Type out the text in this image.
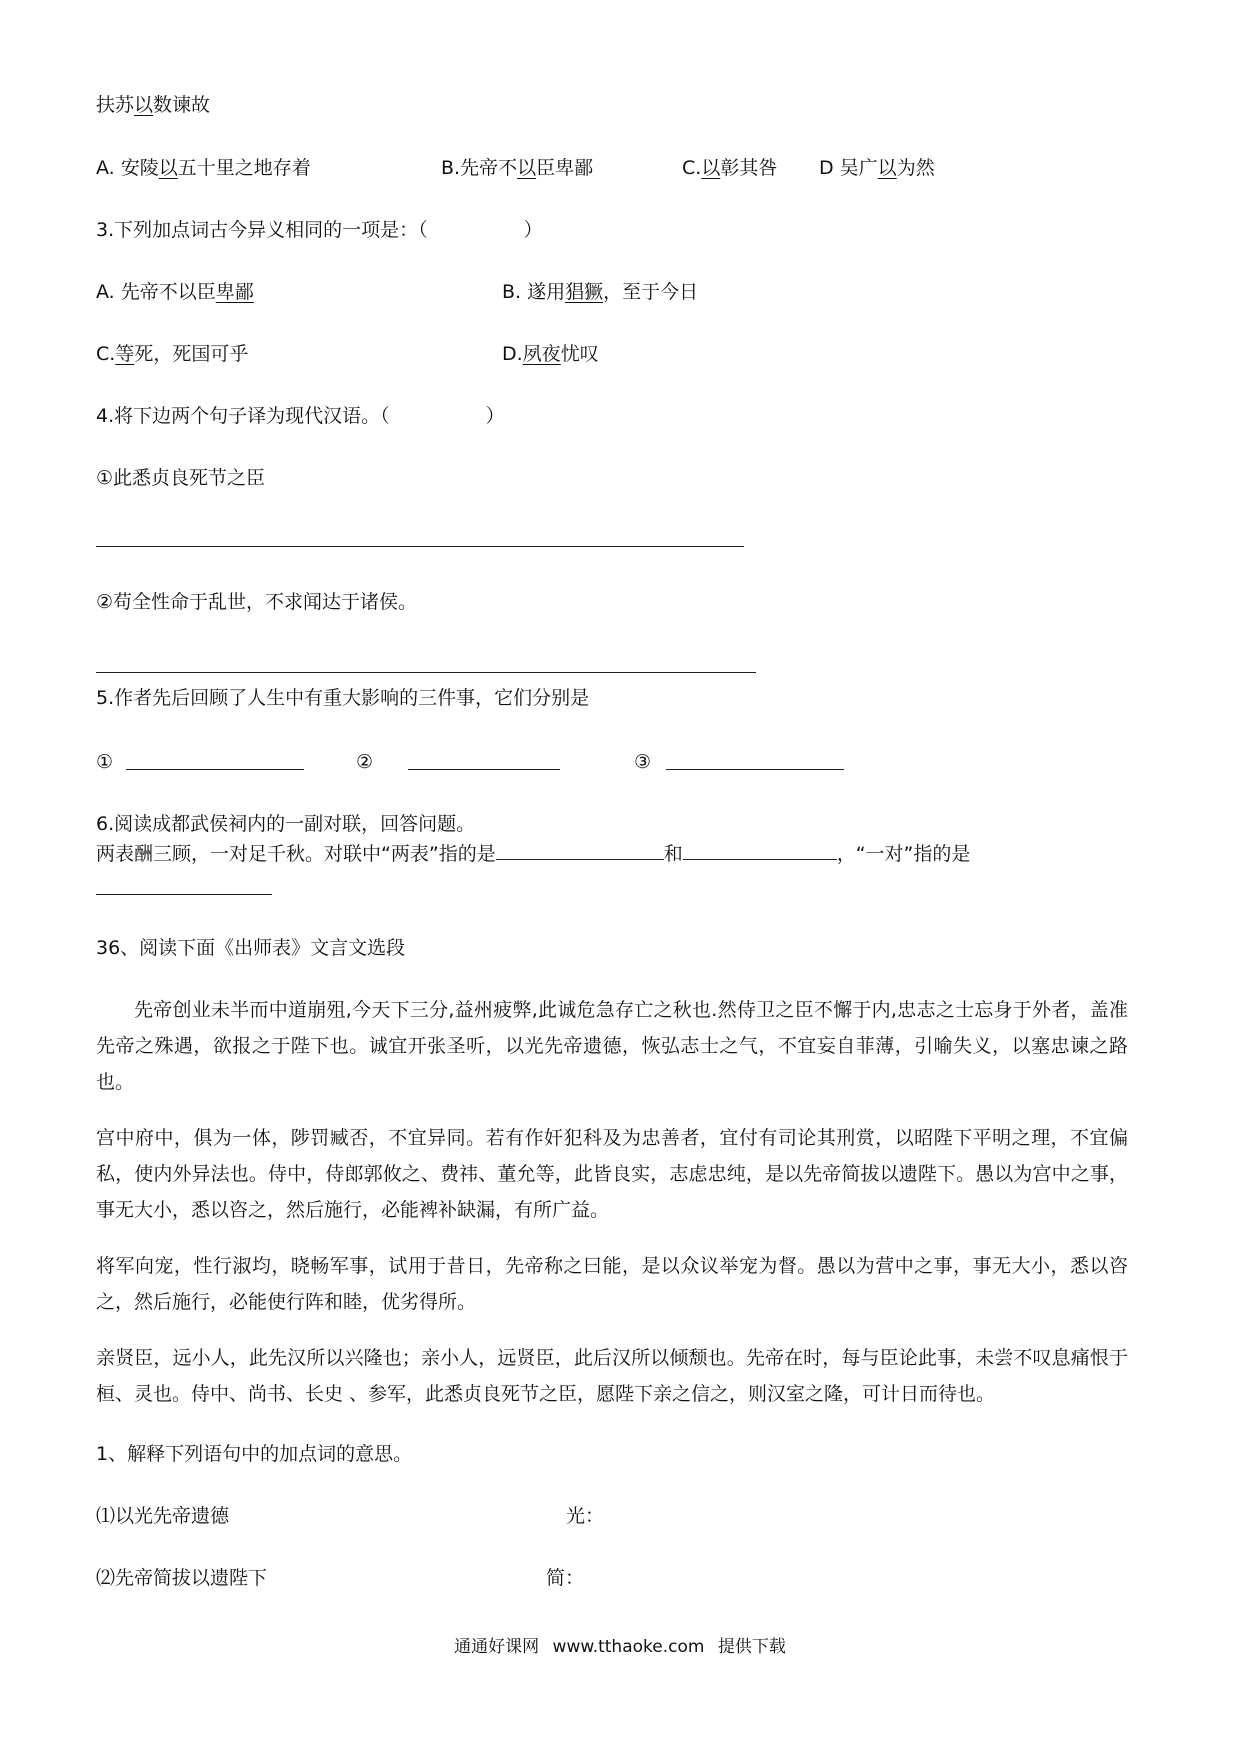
扶苏以数谏故
A. 安陵以五十里之地存着	B.先帝不以臣卑鄙	C.以彰其咎 D 吴广以为然
3.下列加点词古今异义相同的一项是：（	）
A. 先帝不以臣卑鄙	B. 遂用猖獗，至于今日
C.等死，死国可乎	D.夙夜忧叹
4.将下边两个句子译为现代汉语。（	）
①此悉贞良死节之臣
②苟全性命于乱世，不求闻达于诸侯。
5.作者先后回顾了人生中有重大影响的三件事，它们分别是
①	②	③
6.阅读成都武侯祠内的一副对联，回答问题。
两表酬三顾，一对足千秋。对联中“两表”指的是	和	，“一对”指的是
36、阅读下面《出师表》文言文选段
先帝创业未半而中道崩殂,今天下三分,益州疲弊,此诚危急存亡之秋也.然侍卫之臣不懈于内,忠志之士忘身于外者，盖准先帝之殊遇，欲报之于陛下也。诚宜开张圣听，以光先帝遗德，恢弘志士之气，不宜妄自菲薄，引喻失义，以塞忠谏之路也。
宫中府中，俱为一体，陟罚臧否，不宜异同。若有作奸犯科及为忠善者，宜付有司论其刑赏，以昭陛下平明之理，不宜偏私，使内外异法也。侍中，侍郎郭攸之、费祎、董允等，此皆良实，志虑忠纯，是以先帝简拔以遗陛下。愚以为宫中之事，事无大小，悉以咨之，然后施行，必能裨补缺漏，有所广益。
将军向宠，性行淑均，晓畅军事，试用于昔日，先帝称之曰能，是以众议举宠为督。愚以为营中之事，事无大小，悉以咨之，然后施行，必能使行阵和睦，优劣得所。
亲贤臣，远小人，此先汉所以兴隆也；亲小人，远贤臣，此后汉所以倾颓也。先帝在时，每与臣论此事，未尝不叹息痛恨于桓、灵也。侍中、尚书、长史 、参军，此悉贞良死节之臣，愿陛下亲之信之，则汉室之隆，可计日而待也。
1、解释下列语句中的加点词的意思。
⑴以光先帝遗德	光：
⑵先帝简拔以遗陛下	简：
通通好课网 www.tthaoke.com 提供下载
